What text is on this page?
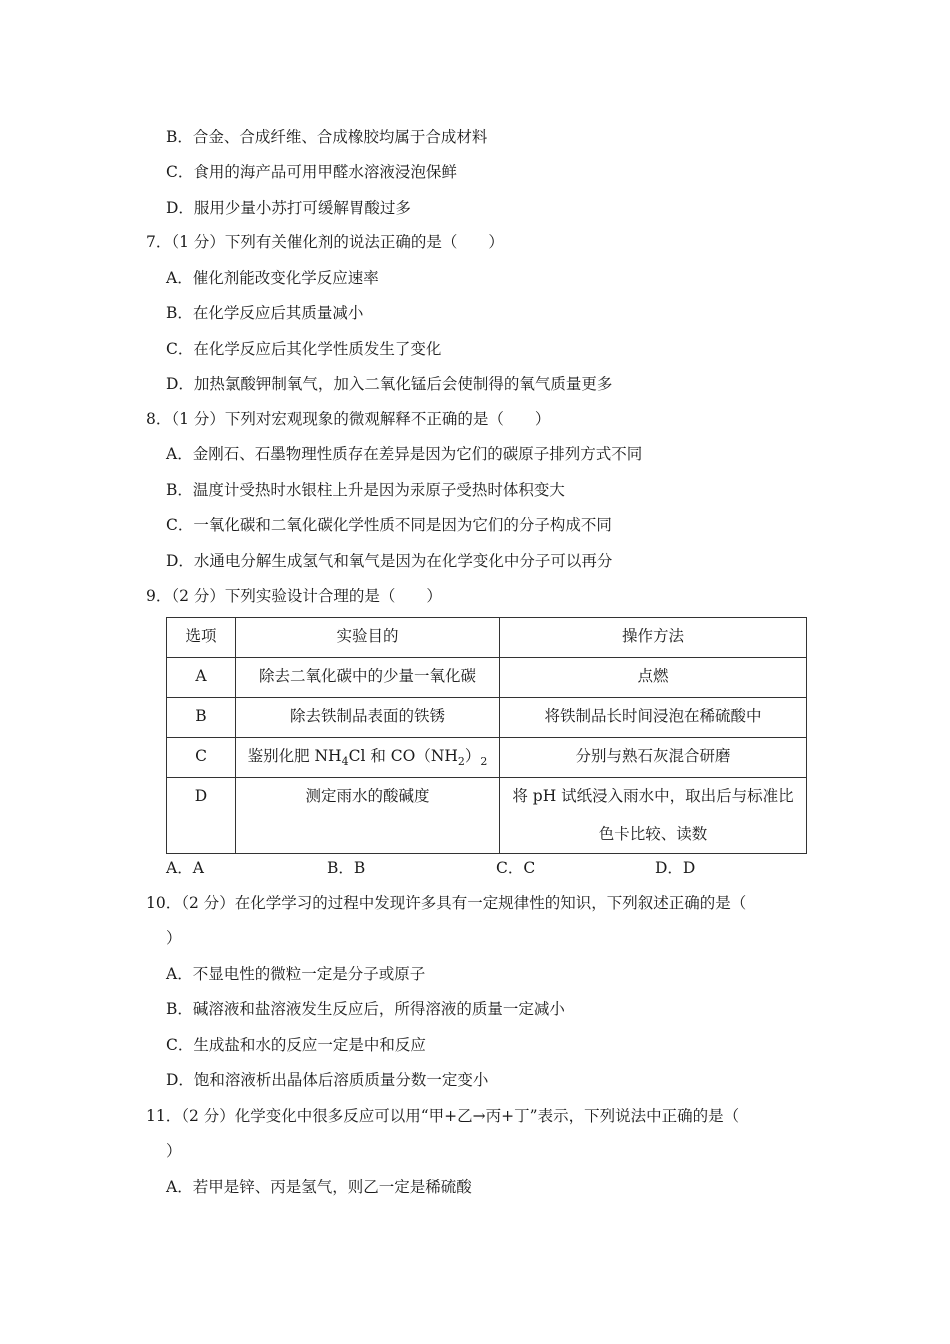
B．合金、合成纤维、合成橡胶均属于合成材料
C．食用的海产品可用甲醛水溶液浸泡保鲜
D．服用少量小苏打可缓解胃酸过多
7．（1 分）下列有关催化剂的说法正确的是（　　）
A．催化剂能改变化学反应速率
B．在化学反应后其质量减小
C．在化学反应后其化学性质发生了变化
D．加热氯酸钾制氧气，加入二氧化锰后会使制得的氧气质量更多
8．（1 分）下列对宏观现象的微观解释不正确的是（　　）
A．金刚石、石墨物理性质存在差异是因为它们的碳原子排列方式不同
B．温度计受热时水银柱上升是因为汞原子受热时体积变大
C．一氧化碳和二氧化碳化学性质不同是因为它们的分子构成不同
D．水通电分解生成氢气和氧气是因为在化学变化中分子可以再分
9．（2 分）下列实验设计合理的是（　　）
选项	实验目的	操作方法

A	除去二氧化碳中的少量一氧化碳	点燃

B	除去铁制品表面的铁锈	将铁制品长时间浸泡在稀硫酸中

C	鉴别化肥 $NH_4Cl$ 和 $CO(NH_2)_2$	分别与熟石灰混合研磨

D	测定雨水的酸碱度	将 pH 试纸浸入雨水中，取出后与标准比
色卡比较、读数
A．A	B．B	C．C	D．D
10．（2 分）在化学学习的过程中发现许多具有一定规律性的知识，下列叙述正确的是（
）
A．不显电性的微粒一定是分子或原子
B．碱溶液和盐溶液发生反应后，所得溶液的质量一定减小
C．生成盐和水的反应一定是中和反应
D．饱和溶液析出晶体后溶质质量分数一定变小
11．（2 分）化学变化中很多反应可以用“甲+乙→丙+丁”表示，下列说法中正确的是（
）
A．若甲是锌、丙是氢气，则乙一定是稀硫酸
